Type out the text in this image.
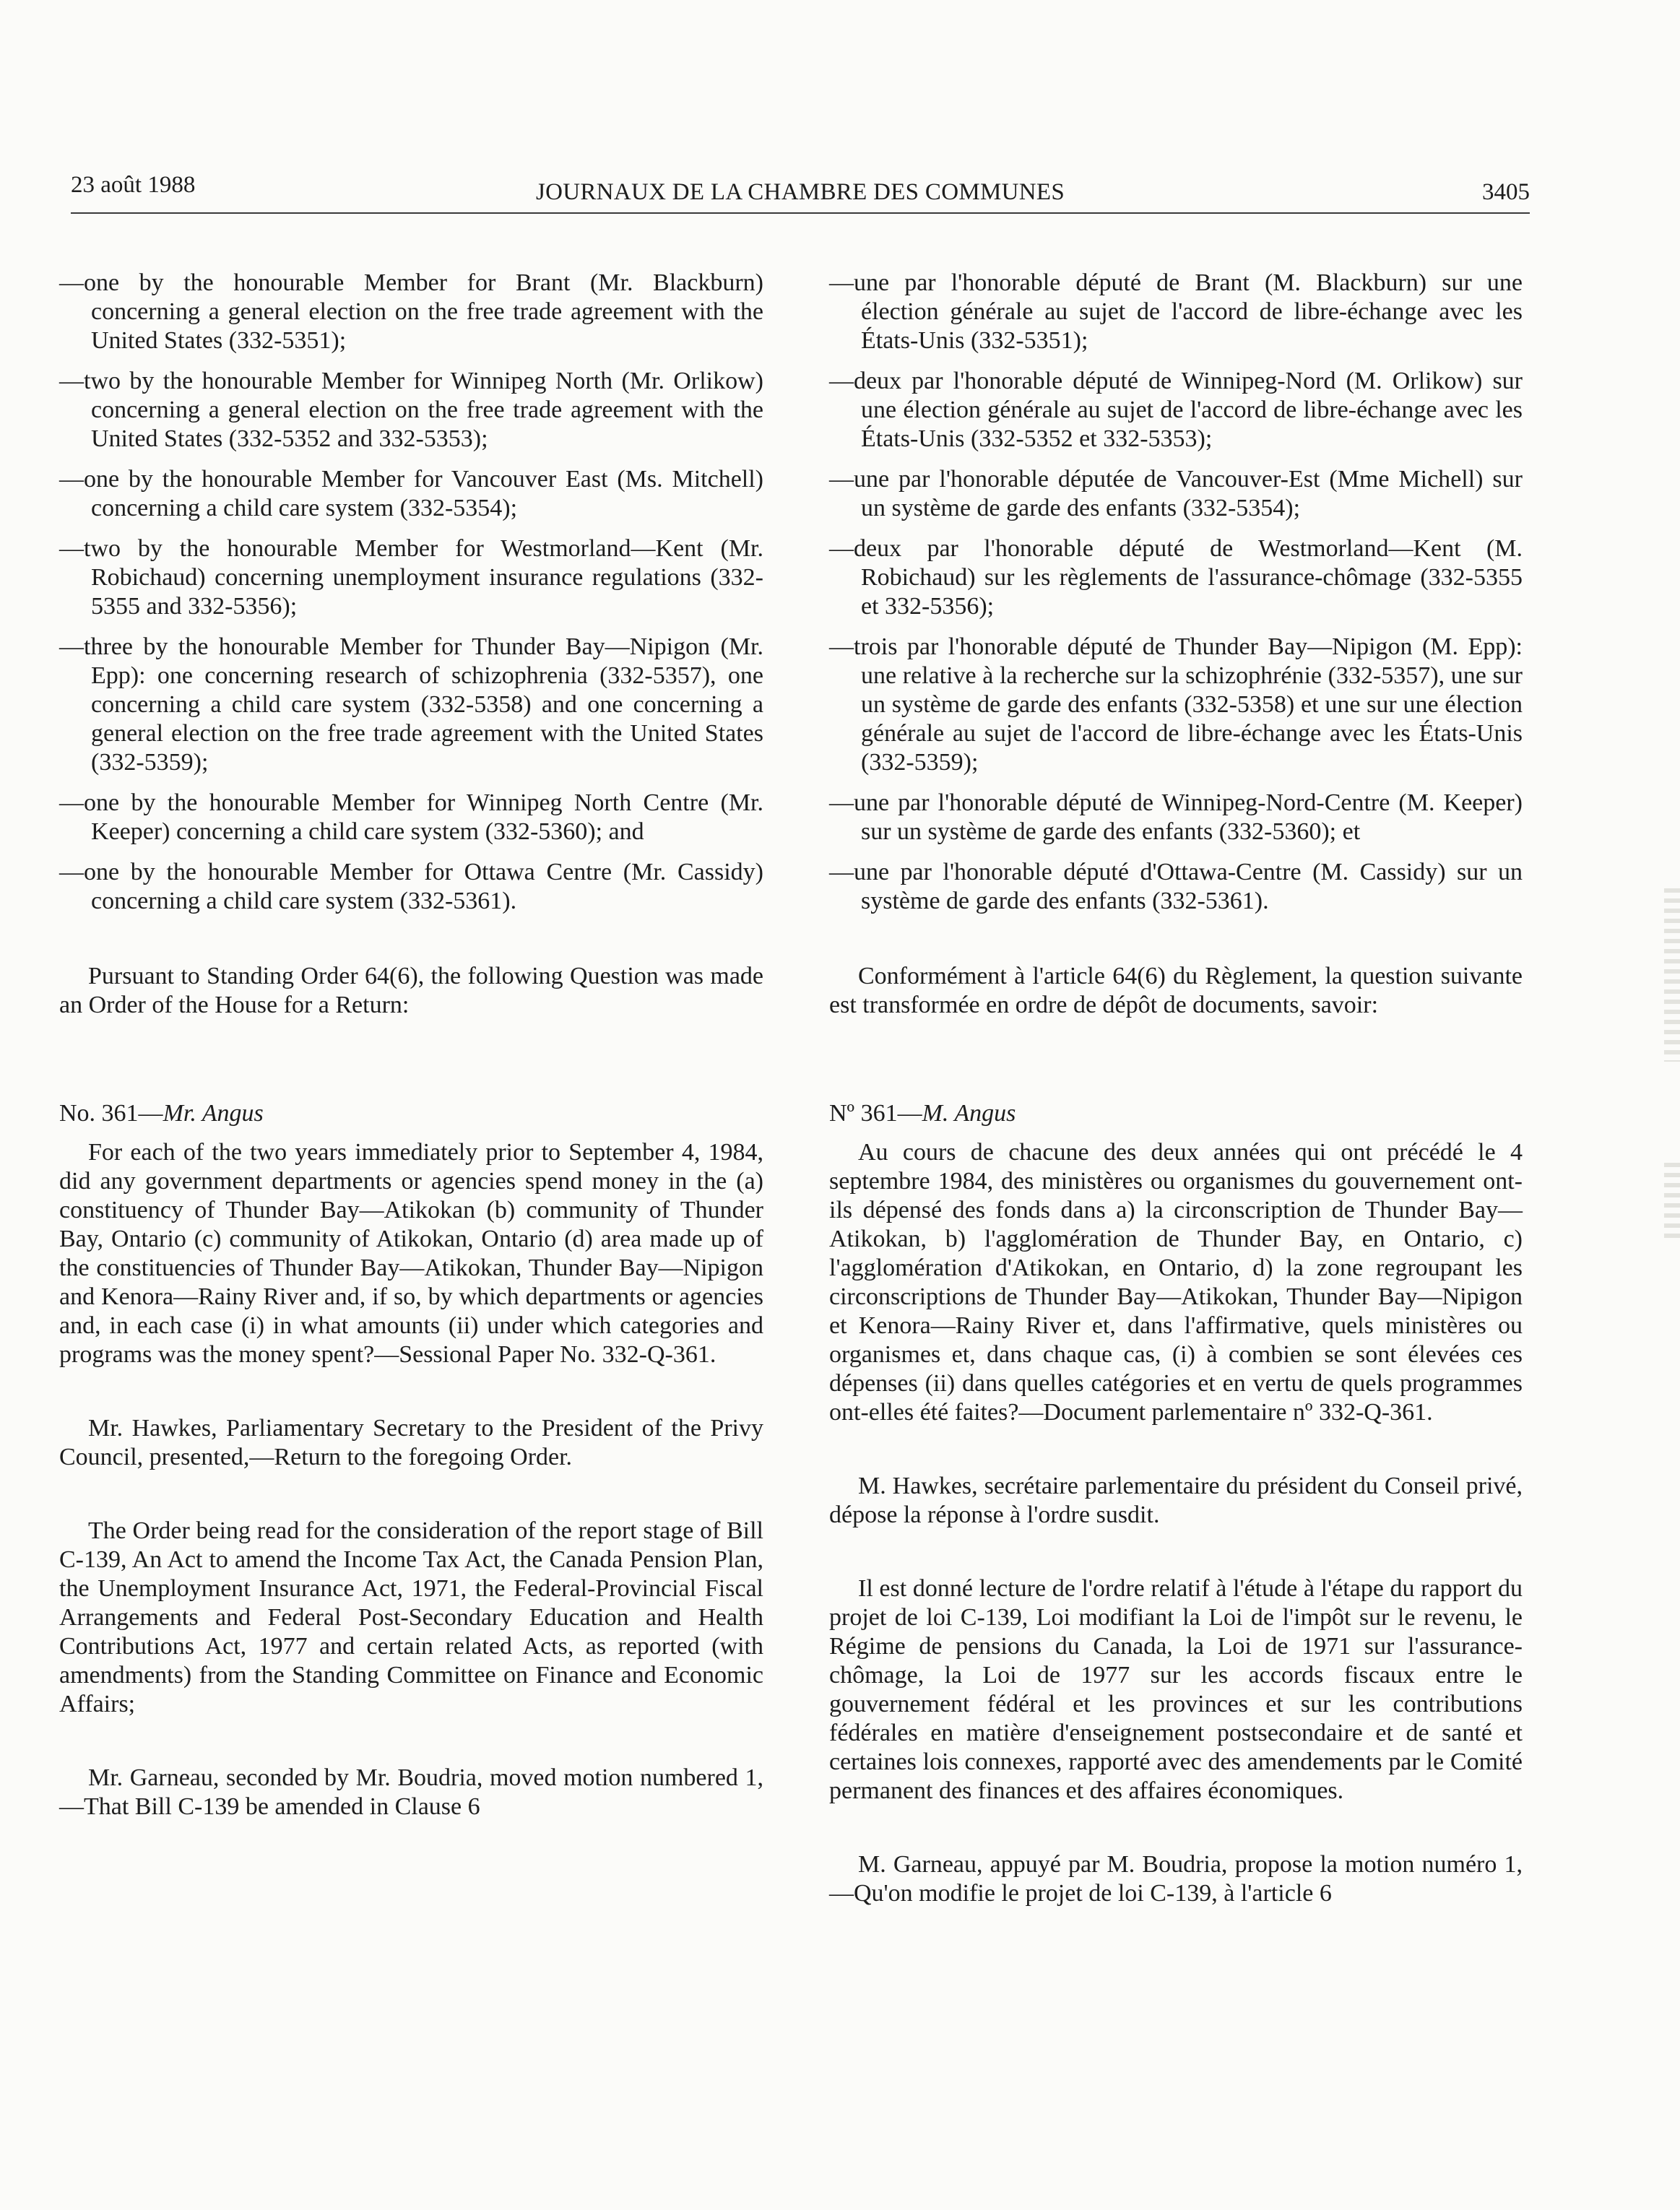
23 août 1988	JOURNAUX DE LA CHAMBRE DES COMMUNES	3405

—one by the honourable Member for Brant (Mr. Blackburn) concerning a general election on the free trade agreement with the United States (332-5351);

—two by the honourable Member for Winnipeg North (Mr. Orlikow) concerning a general election on the free trade agreement with the United States (332-5352 and 332-5353);

—one by the honourable Member for Vancouver East (Ms. Mitchell) concerning a child care system (332-5354);

—two by the honourable Member for Westmorland—Kent (Mr. Robichaud) concerning unemployment insurance regulations (332-5355 and 332-5356);

—three by the honourable Member for Thunder Bay—Nipigon (Mr. Epp): one concerning research of schizophrenia (332-5357), one concerning a child care system (332-5358) and one concerning a general election on the free trade agreement with the United States (332-5359);

—one by the honourable Member for Winnipeg North Centre (Mr. Keeper) concerning a child care system (332-5360); and

—one by the honourable Member for Ottawa Centre (Mr. Cassidy) concerning a child care system (332-5361).

Pursuant to Standing Order 64(6), the following Question was made an Order of the House for a Return:

No. 361—Mr. Angus

For each of the two years immediately prior to September 4, 1984, did any government departments or agencies spend money in the (a) constituency of Thunder Bay—Atikokan (b) community of Thunder Bay, Ontario (c) community of Atikokan, Ontario (d) area made up of the constituencies of Thunder Bay—Atikokan, Thunder Bay—Nipigon and Kenora—Rainy River and, if so, by which departments or agencies and, in each case (i) in what amounts (ii) under which categories and programs was the money spent?—Sessional Paper No. 332-Q-361.

Mr. Hawkes, Parliamentary Secretary to the President of the Privy Council, presented,—Return to the foregoing Order.

The Order being read for the consideration of the report stage of Bill C-139, An Act to amend the Income Tax Act, the Canada Pension Plan, the Unemployment Insurance Act, 1971, the Federal-Provincial Fiscal Arrangements and Federal Post-Secondary Education and Health Contributions Act, 1977 and certain related Acts, as reported (with amendments) from the Standing Committee on Finance and Economic Affairs;

Mr. Garneau, seconded by Mr. Boudria, moved motion numbered 1,—That Bill C-139 be amended in Clause 6

—une par l'honorable député de Brant (M. Blackburn) sur une élection générale au sujet de l'accord de libre-échange avec les États-Unis (332-5351);

—deux par l'honorable député de Winnipeg-Nord (M. Orlikow) sur une élection générale au sujet de l'accord de libre-échange avec les États-Unis (332-5352 et 332-5353);

—une par l'honorable députée de Vancouver-Est (Mme Michell) sur un système de garde des enfants (332-5354);

—deux par l'honorable député de Westmorland—Kent (M. Robichaud) sur les règlements de l'assurance-chômage (332-5355 et 332-5356);

—trois par l'honorable député de Thunder Bay—Nipigon (M. Epp): une relative à la recherche sur la schizophrénie (332-5357), une sur un système de garde des enfants (332-5358) et une sur une élection générale au sujet de l'accord de libre-échange avec les États-Unis (332-5359);

—une par l'honorable député de Winnipeg-Nord-Centre (M. Keeper) sur un système de garde des enfants (332-5360); et

—une par l'honorable député d'Ottawa-Centre (M. Cassidy) sur un système de garde des enfants (332-5361).

Conformément à l'article 64(6) du Règlement, la question suivante est transformée en ordre de dépôt de documents, savoir:

Nº 361—M. Angus

Au cours de chacune des deux années qui ont précédé le 4 septembre 1984, des ministères ou organismes du gouvernement ont-ils dépensé des fonds dans a) la circonscription de Thunder Bay—Atikokan, b) l'agglomération de Thunder Bay, en Ontario, c) l'agglomération d'Atikokan, en Ontario, d) la zone regroupant les circonscriptions de Thunder Bay—Atikokan, Thunder Bay—Nipigon et Kenora—Rainy River et, dans l'affirmative, quels ministères ou organismes et, dans chaque cas, (i) à combien se sont élevées ces dépenses (ii) dans quelles catégories et en vertu de quels programmes ont-elles été faites?—Document parlementaire nº 332-Q-361.

M. Hawkes, secrétaire parlementaire du président du Conseil privé, dépose la réponse à l'ordre susdit.

Il est donné lecture de l'ordre relatif à l'étude à l'étape du rapport du projet de loi C-139, Loi modifiant la Loi de l'impôt sur le revenu, le Régime de pensions du Canada, la Loi de 1971 sur l'assurance-chômage, la Loi de 1977 sur les accords fiscaux entre le gouvernement fédéral et les provinces et sur les contributions fédérales en matière d'enseignement postsecondaire et de santé et certaines lois connexes, rapporté avec des amendements par le Comité permanent des finances et des affaires économiques.

M. Garneau, appuyé par M. Boudria, propose la motion numéro 1,—Qu'on modifie le projet de loi C-139, à l'article 6
